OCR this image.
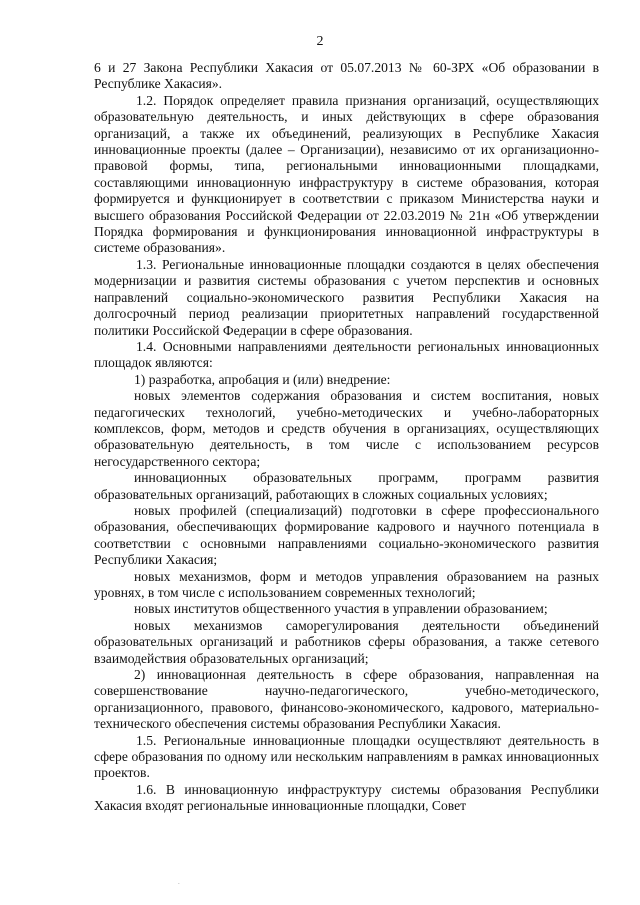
2

6 и 27 Закона Республики Хакасия от 05.07.2013 № 60-ЗРХ «Об образовании в Республике Хакасия».

1.2. Порядок определяет правила признания организаций, осуществляющих образовательную деятельность, и иных действующих в сфере образования организаций, а также их объединений, реализующих в Республике Хакасия инновационные проекты (далее – Организации), независимо от их организационно-правовой формы, типа, региональными инновационными площадками, составляющими инновационную инфраструктуру в системе образования, которая формируется и функционирует в соответствии с приказом Министерства науки и высшего образования Российской Федерации от 22.03.2019 № 21н «Об утверждении Порядка формирования и функционирования инновационной инфраструктуры в системе образования».

1.3. Региональные инновационные площадки создаются в целях обеспечения модернизации и развития системы образования с учетом перспектив и основных направлений социально-экономического развития Республики Хакасия на долгосрочный период реализации приоритетных направлений государственной политики Российской Федерации в сфере образования.

1.4. Основными направлениями деятельности региональных инновационных площадок являются:

1) разработка, апробация и (или) внедрение:

новых элементов содержания образования и систем воспитания, новых педагогических технологий, учебно-методических и учебно-лабораторных комплексов, форм, методов и средств обучения в организациях, осуществляющих образовательную деятельность, в том числе с использованием ресурсов негосударственного сектора;

инновационных образовательных программ, программ развития образовательных организаций, работающих в сложных социальных условиях;

новых профилей (специализаций) подготовки в сфере профессионального образования, обеспечивающих формирование кадрового и научного потенциала в соответствии с основными направлениями социально-экономического развития Республики Хакасия;

новых механизмов, форм и методов управления образованием на разных уровнях, в том числе с использованием современных технологий;

новых институтов общественного участия в управлении образованием;

новых механизмов саморегулирования деятельности объединений образовательных организаций и работников сферы образования, а также сетевого взаимодействия образовательных организаций;

2) инновационная деятельность в сфере образования, направленная на совершенствование научно-педагогического, учебно-методического, организационного, правового, финансово-экономического, кадрового, материально-технического обеспечения системы образования Республики Хакасия.

1.5. Региональные инновационные площадки осуществляют деятельность в сфере образования по одному или нескольким направлениям в рамках инновационных проектов.

1.6. В инновационную инфраструктуру системы образования Республики Хакасия входят региональные инновационные площадки, Совет

.
